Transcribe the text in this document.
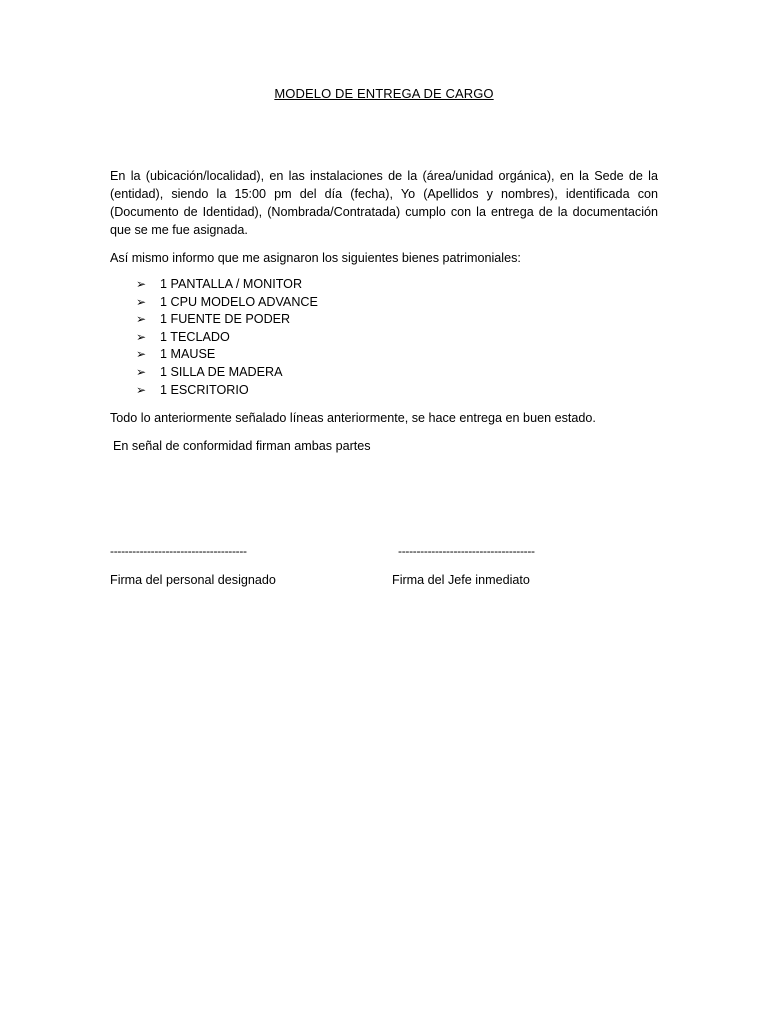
MODELO DE ENTREGA DE CARGO
En la (ubicación/localidad), en las instalaciones de la (área/unidad orgánica), en la Sede de la (entidad), siendo la 15:00 pm del día (fecha), Yo (Apellidos y nombres), identificada con (Documento de Identidad), (Nombrada/Contratada) cumplo con la entrega de la documentación que se me fue asignada.
Así mismo informo que me asignaron los siguientes bienes patrimoniales:
➢	1 PANTALLA / MONITOR
➢	1 CPU MODELO ADVANCE
➢	1 FUENTE DE PODER
➢	1 TECLADO
➢	1 MAUSE
➢	1 SILLA DE MADERA
➢	1 ESCRITORIO
Todo lo anteriormente señalado líneas anteriormente, se hace entrega en buen estado.
En señal de conformidad firman ambas partes
-------------------------------------	-------------------------------------
Firma del personal designado	Firma del Jefe inmediato
